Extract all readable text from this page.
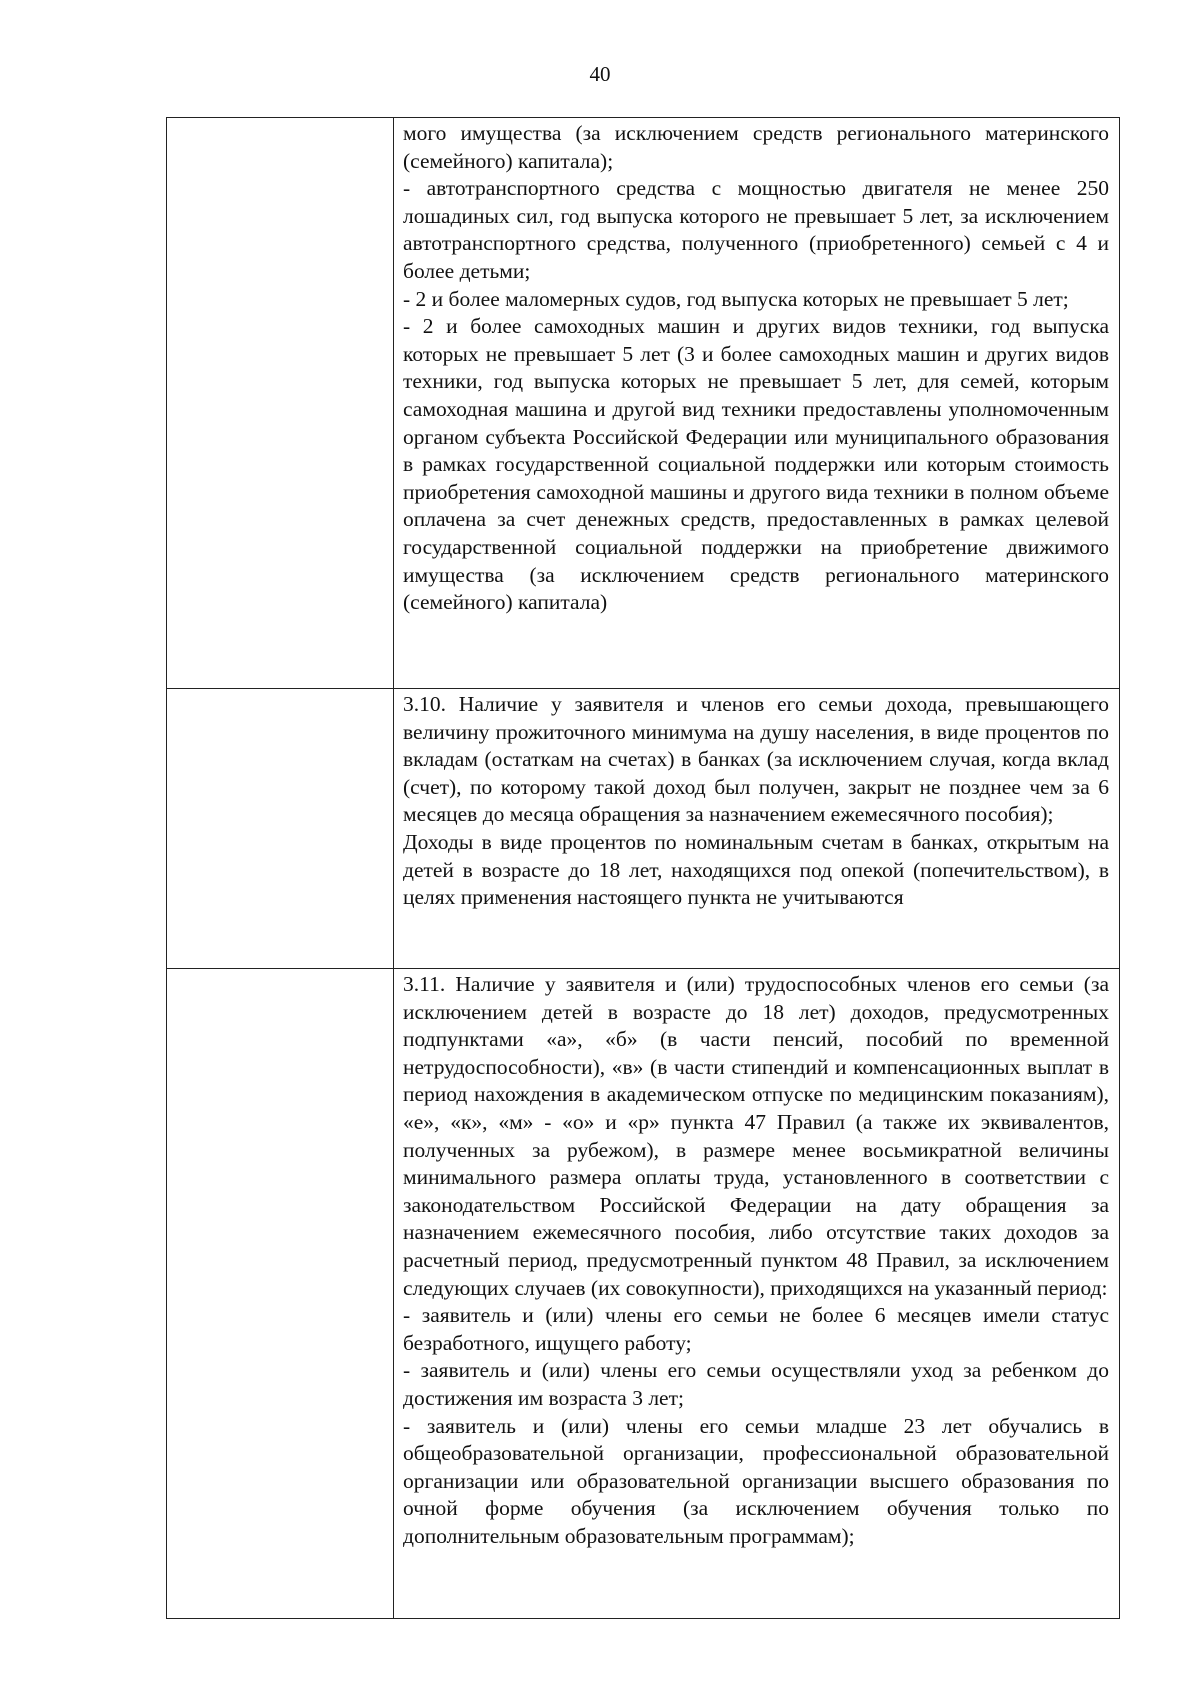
40

	мого имущества (за исключением средств регионального материнского (семейного) капитала);

- автотранспортного средства с мощностью двигателя не менее 250 лошадиных сил, год выпуска которого не превышает 5 лет, за исключением автотранспортного средства, полученного (приобретенного) семьей с 4 и более детьми;

- 2 и более маломерных судов, год выпуска которых не превышает 5 лет;

- 2 и более самоходных машин и других видов техники, год выпуска которых не превышает 5 лет (3 и более самоходных машин и других видов техники, год выпуска которых не превышает 5 лет, для семей, которым самоходная машина и другой вид техники предоставлены уполномоченным органом субъекта Российской Федерации или муниципального образования в рамках государственной социальной поддержки или которым стоимость приобретения самоходной машины и другого вида техники в полном объеме оплачена за счет денежных средств, предоставленных в рамках целевой государственной социальной поддержки на приобретение движимого имущества (за исключением средств регионального материнского (семейного) капитала)

	3.10. Наличие у заявителя и членов его семьи дохода, превышающего величину прожиточного минимума на душу населения, в виде процентов по вкладам (остаткам на счетах) в банках (за исключением случая, когда вклад (счет), по которому такой доход был получен, закрыт не позднее чем за 6 месяцев до месяца обращения за назначением ежемесячного пособия);

Доходы в виде процентов по номинальным счетам в банках, открытым на детей в возрасте до 18 лет, находящихся под опекой (попечительством), в целях применения настоящего пункта не учитываются

	3.11. Наличие у заявителя и (или) трудоспособных членов его семьи (за исключением детей в возрасте до 18 лет) доходов, предусмотренных подпунктами «а», «б» (в части пенсий, пособий по временной нетрудоспособности), «в» (в части стипендий и компенсационных выплат в период нахождения в академическом отпуске по медицинским показаниям), «е», «к», «м» - «о» и «р» пункта 47 Правил (а также их эквивалентов, полученных за рубежом), в размере менее восьмикратной величины минимального размера оплаты труда, установленного в соответствии с законодательством Российской Федерации на дату обращения за назначением ежемесячного пособия, либо отсутствие таких доходов за расчетный период, предусмотренный пунктом 48 Правил, за исключением следующих случаев (их совокупности), приходящихся на указанный период:

- заявитель и (или) члены его семьи не более 6 месяцев имели статус безработного, ищущего работу;

- заявитель и (или) члены его семьи осуществляли уход за ребенком до достижения им возраста 3 лет;

- заявитель и (или) члены его семьи младше 23 лет обучались в общеобразовательной организации, профессиональной образовательной организации или образовательной организации высшего образования по очной форме обучения (за исключением обучения только по дополнительным образовательным программам);
